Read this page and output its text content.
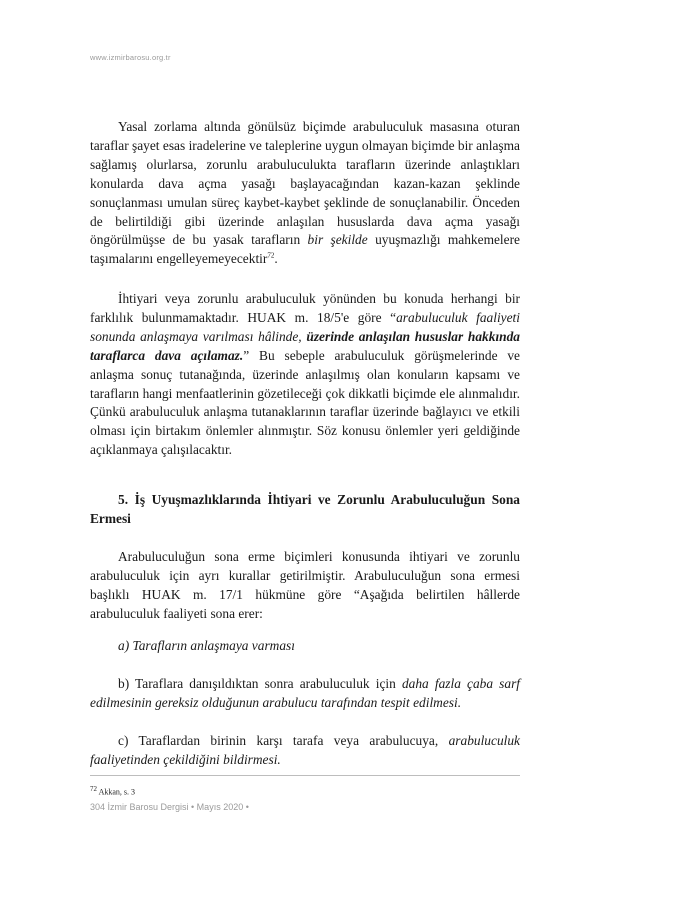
www.izmirbarosu.org.tr

Yasal zorlama altında gönülsüz biçimde arabuluculuk masasına oturan taraflar şayet esas iradelerine ve taleplerine uygun olmayan biçimde bir anlaşma sağlamış olurlarsa, zorunlu arabuluculukta tarafların üzerinde anlaştıkları konularda dava açma yasağı başlayacağından kazan-kazan şeklinde sonuçlanması umulan süreç kaybet-kaybet şeklinde de sonuçlanabilir. Önceden de belirtildiği gibi üzerinde anlaşılan hususlarda dava açma yasağı öngörülmüşse de bu yasak tarafların bir şekilde uyuşmazlığı mahkemelere taşımalarını engelleyemeyecektir$^{72}$.

İhtiyari veya zorunlu arabuluculuk yönünden bu konuda herhangi bir farklılık bulunmamaktadır. HUAK m. 18/5'e göre “arabuluculuk faaliyeti sonunda anlaşmaya varılması hâlinde, üzerinde anlaşılan hususlar hakkında taraflarca dava açılamaz.” Bu sebeple arabuluculuk görüşmelerinde ve anlaşma sonuç tutanağında, üzerinde anlaşılmış olan konuların kapsamı ve tarafların hangi menfaatlerinin gözetileceği çok dikkatli biçimde ele alınmalıdır. Çünkü arabuluculuk anlaşma tutanaklarının taraflar üzerinde bağlayıcı ve etkili olması için birtakım önlemler alınmıştır. Söz konusu önlemler yeri geldiğinde açıklanmaya çalışılacaktır.

5. İş Uyuşmazlıklarında İhtiyari ve Zorunlu Arabuluculuğun Sona Ermesi

Arabuluculuğun sona erme biçimleri konusunda ihtiyari ve zorunlu arabuluculuk için ayrı kurallar getirilmiştir. Arabuluculuğun sona ermesi başlıklı HUAK m. 17/1 hükmüne göre “Aşağıda belirtilen hâllerde arabuluculuk faaliyeti sona erer:

a) Tarafların anlaşmaya varması

b) Taraflara danışıldıktan sonra arabuluculuk için daha fazla çaba sarf edilmesinin gereksiz olduğunun arabulucu tarafından tespit edilmesi.

c) Taraflardan birinin karşı tarafa veya arabulucuya, arabuluculuk faaliyetinden çekildiğini bildirmesi.

$^{72}$ Akkan, s. 3
304 İzmir Barosu Dergisi • Mayıs 2020 •
